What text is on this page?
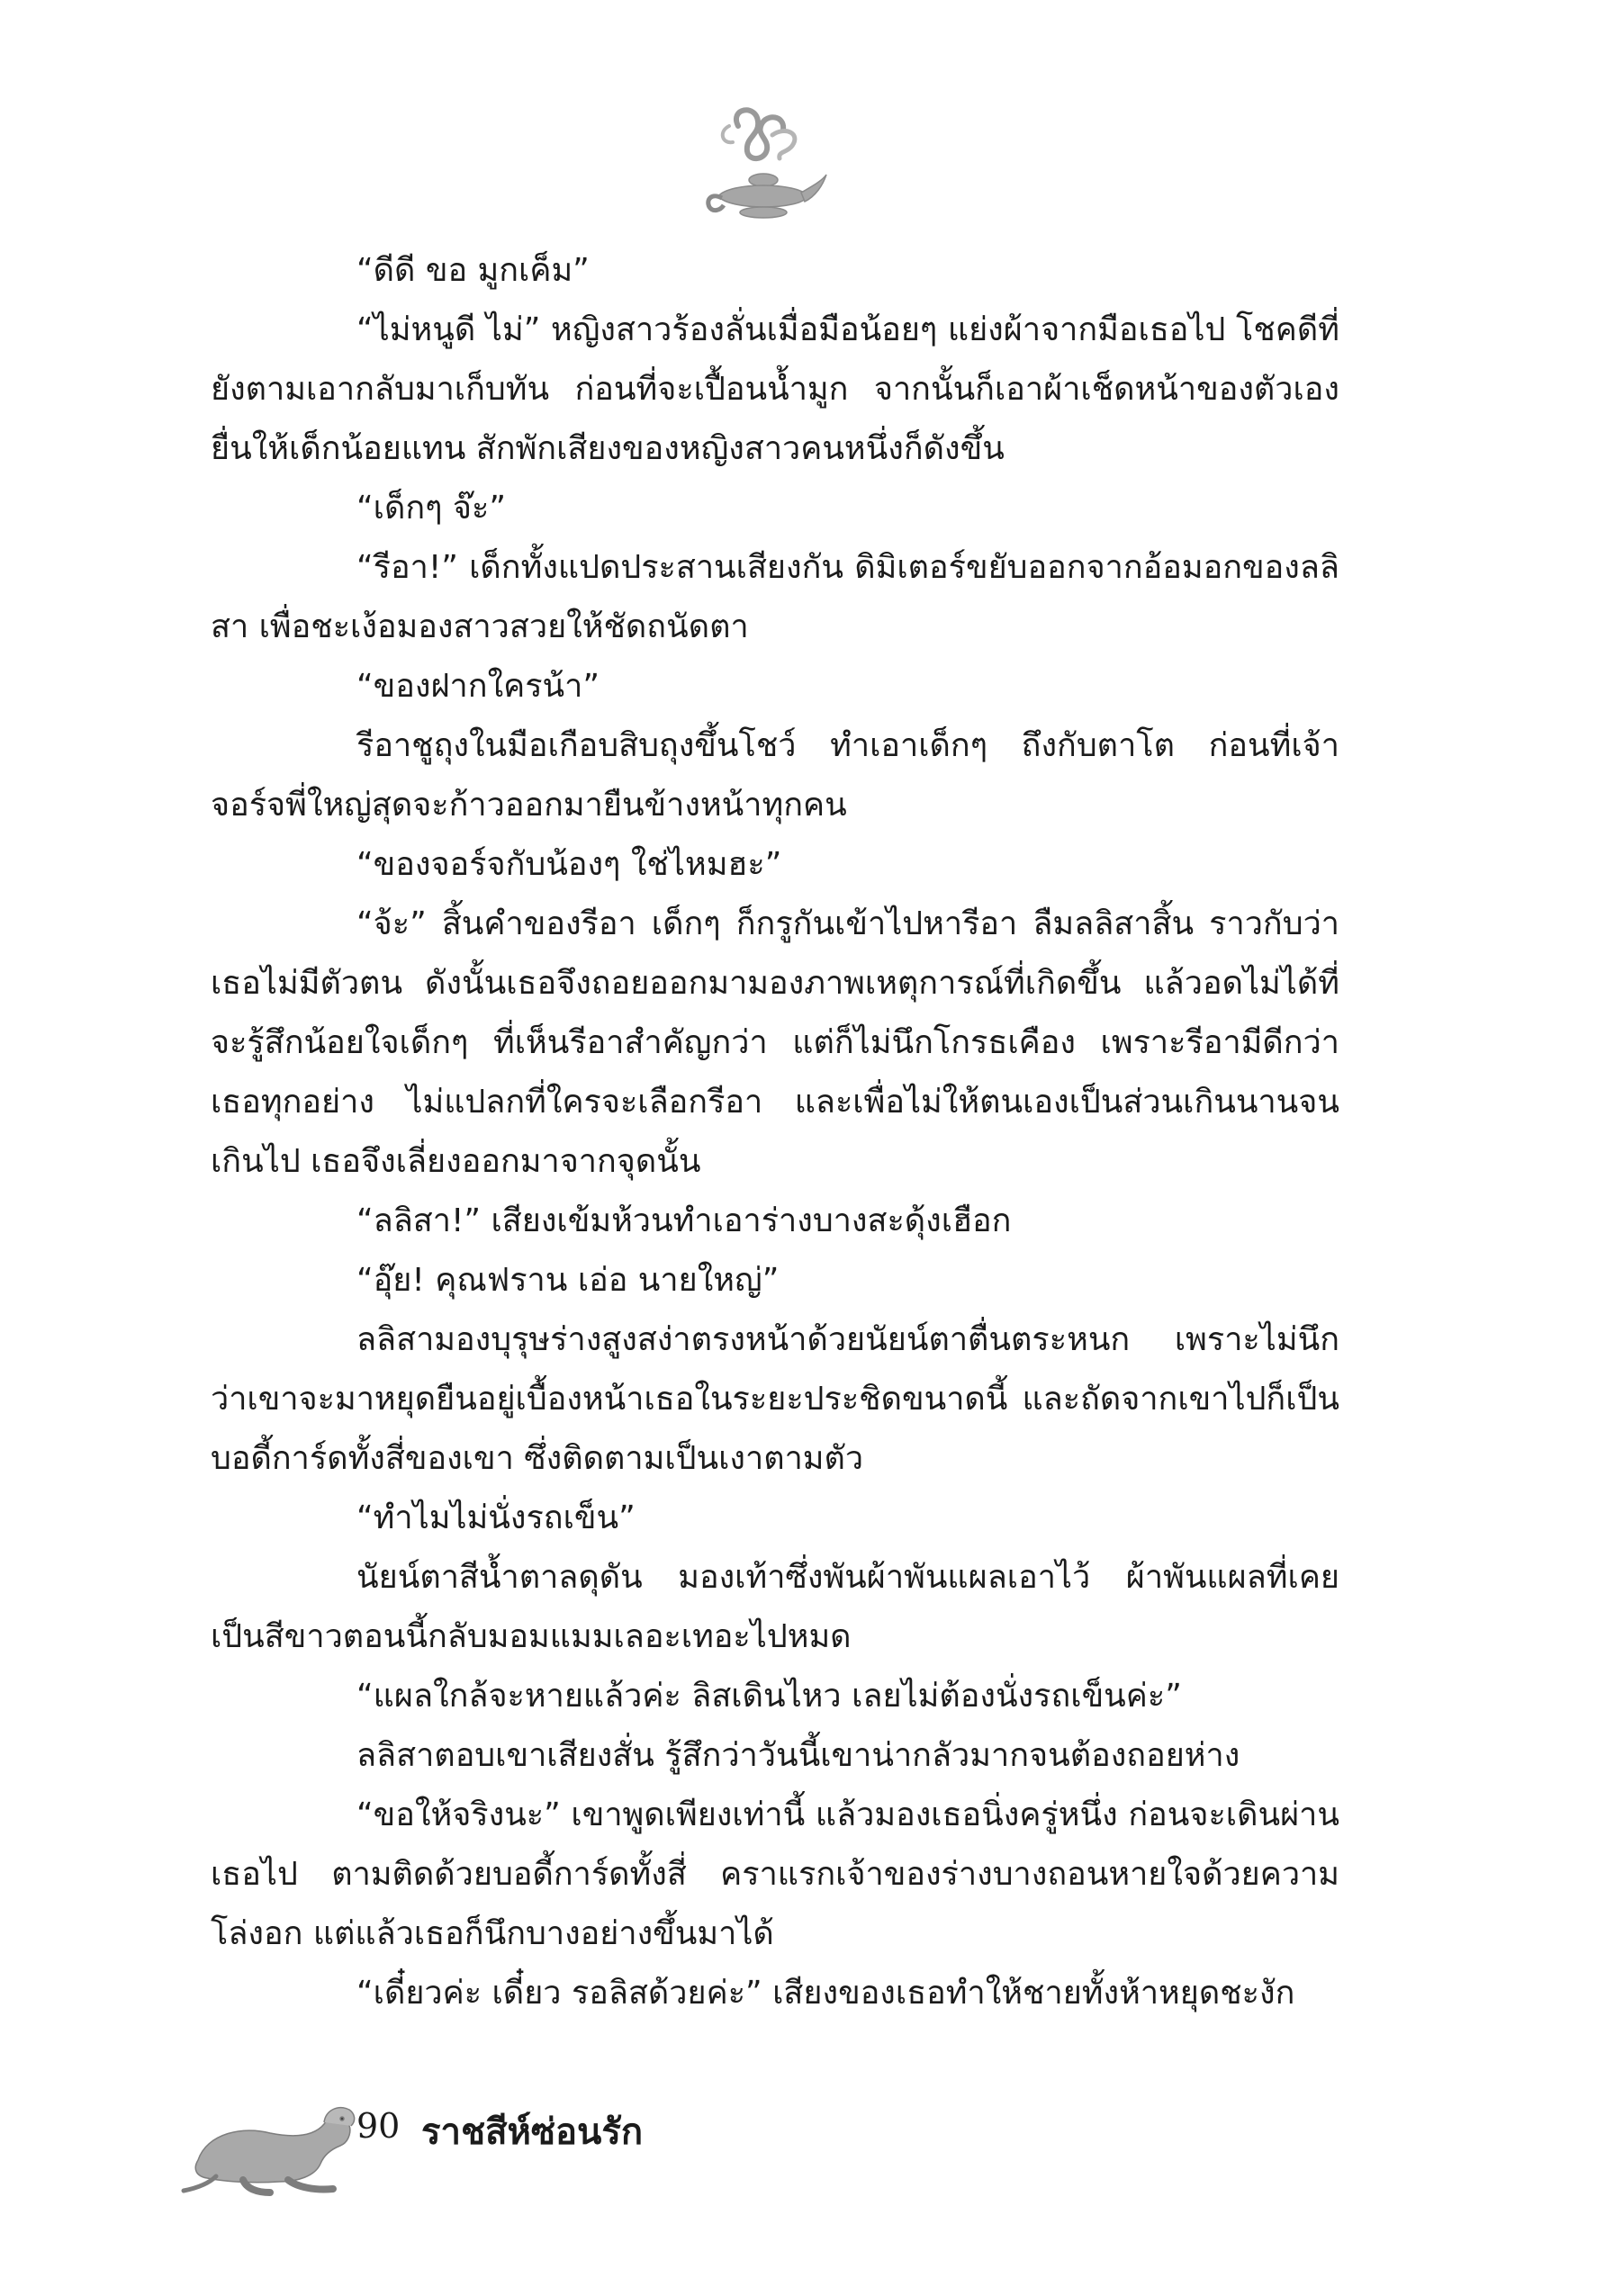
“ดีดี ขอ มูกเค็ม”

“ไม่หนูดี ไม่” หญิงสาวร้องลั่นเมื่อมือน้อยๆ แย่งผ้าจากมือเธอไป โชคดีที่ยังตามเอากลับมาเก็บทัน ก่อนที่จะเปื้อนน้ำมูก จากนั้นก็เอาผ้าเช็ดหน้าของตัวเองยื่นให้เด็กน้อยแทน สักพักเสียงของหญิงสาวคนหนึ่งก็ดังขึ้น

“เด็กๆ จ๊ะ”

“รีอา!” เด็กทั้งแปดประสานเสียงกัน ดิมิเตอร์ขยับออกจากอ้อมอกของลลิสา เพื่อชะเง้อมองสาวสวยให้ชัดถนัดตา

“ของฝากใครน้า”

รีอาชูถุงในมือเกือบสิบถุงขึ้นโชว์ ทำเอาเด็กๆ ถึงกับตาโต ก่อนที่เจ้าจอร์จพี่ใหญ่สุดจะก้าวออกมายืนข้างหน้าทุกคน

“ของจอร์จกับน้องๆ ใช่ไหมฮะ”

“จ้ะ” สิ้นคำของรีอา เด็กๆ ก็กรูกันเข้าไปหารีอา ลืมลลิสาสิ้น ราวกับว่าเธอไม่มีตัวตน ดังนั้นเธอจึงถอยออกมามองภาพเหตุการณ์ที่เกิดขึ้น แล้วอดไม่ได้ที่จะรู้สึกน้อยใจเด็กๆ ที่เห็นรีอาสำคัญกว่า แต่ก็ไม่นึกโกรธเคือง เพราะรีอามีดีกว่าเธอทุกอย่าง ไม่แปลกที่ใครจะเลือกรีอา และเพื่อไม่ให้ตนเองเป็นส่วนเกินนานจนเกินไป เธอจึงเลี่ยงออกมาจากจุดนั้น

“ลลิสา!” เสียงเข้มห้วนทำเอาร่างบางสะดุ้งเฮือก

“อุ๊ย! คุณฟราน เอ่อ นายใหญ่”

ลลิสามองบุรุษร่างสูงสง่าตรงหน้าด้วยนัยน์ตาตื่นตระหนก เพราะไม่นึกว่าเขาจะมาหยุดยืนอยู่เบื้องหน้าเธอในระยะประชิดขนาดนี้ และถัดจากเขาไปก็เป็นบอดี้การ์ดทั้งสี่ของเขา ซึ่งติดตามเป็นเงาตามตัว

“ทำไมไม่นั่งรถเข็น”

นัยน์ตาสีน้ำตาลดุดัน มองเท้าซึ่งพันผ้าพันแผลเอาไว้ ผ้าพันแผลที่เคยเป็นสีขาวตอนนี้กลับมอมแมมเลอะเทอะไปหมด

“แผลใกล้จะหายแล้วค่ะ ลิสเดินไหว เลยไม่ต้องนั่งรถเข็นค่ะ”

ลลิสาตอบเขาเสียงสั่น รู้สึกว่าวันนี้เขาน่ากลัวมากจนต้องถอยห่าง

“ขอให้จริงนะ” เขาพูดเพียงเท่านี้ แล้วมองเธอนิ่งครู่หนึ่ง ก่อนจะเดินผ่านเธอไป ตามติดด้วยบอดี้การ์ดทั้งสี่ คราแรกเจ้าของร่างบางถอนหายใจด้วยความโล่งอก แต่แล้วเธอก็นึกบางอย่างขึ้นมาได้

“เดี๋ยวค่ะ เดี๋ยว รอลิสด้วยค่ะ” เสียงของเธอทำให้ชายทั้งห้าหยุดชะงัก

90 ราชสีห์ซ่อนรัก
